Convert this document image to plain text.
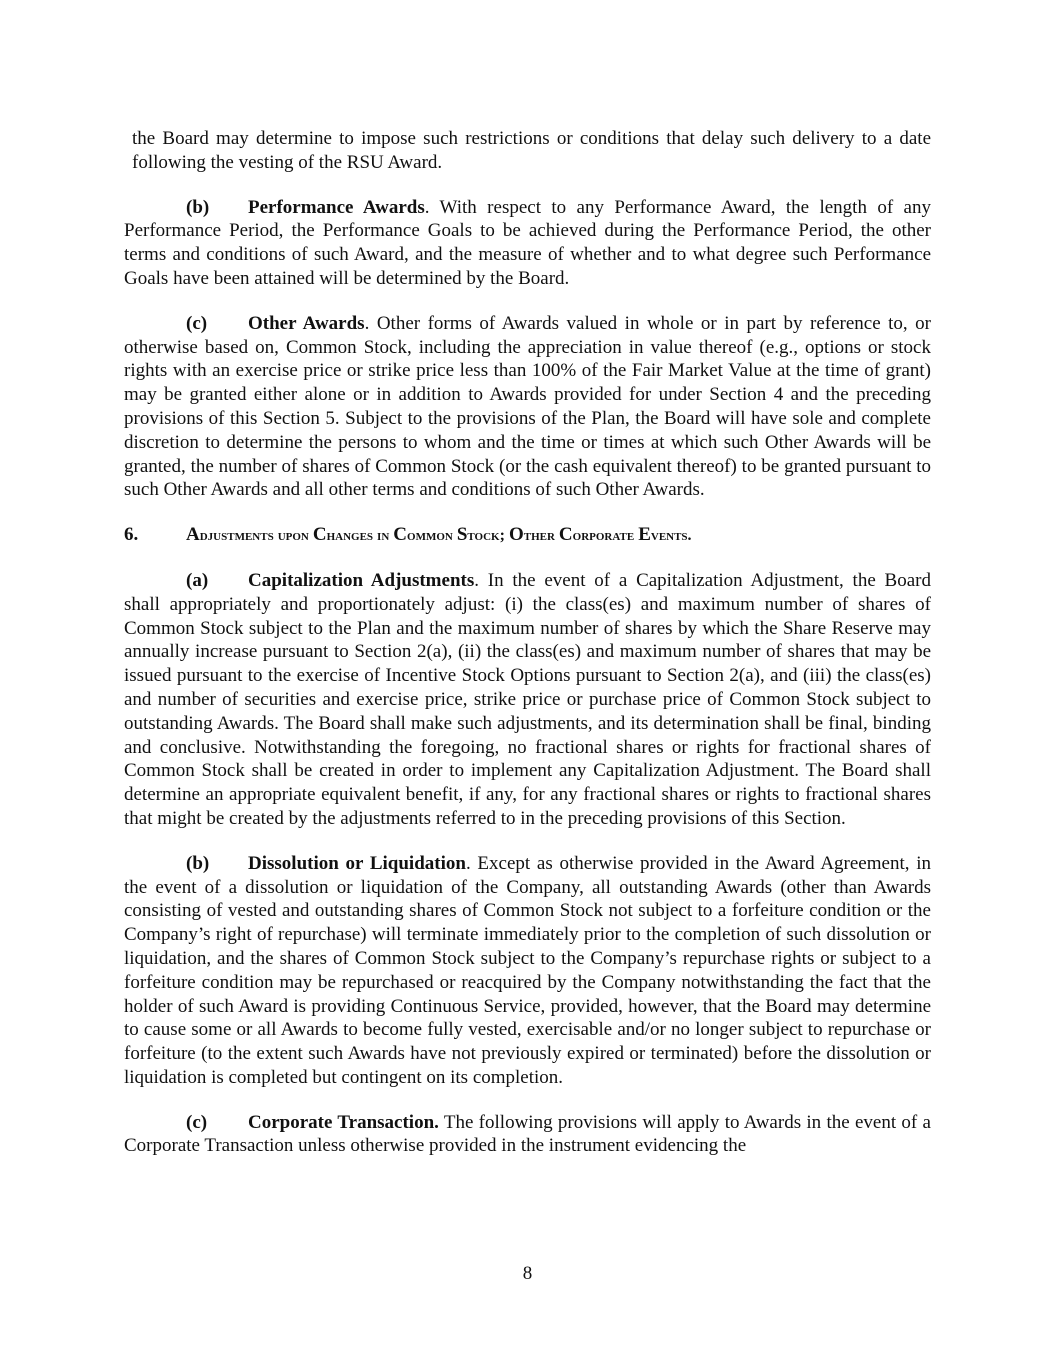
the Board may determine to impose such restrictions or conditions that delay such delivery to a date following the vesting of the RSU Award.

(b) Performance Awards. With respect to any Performance Award, the length of any Performance Period, the Performance Goals to be achieved during the Performance Period, the other terms and conditions of such Award, and the measure of whether and to what degree such Performance Goals have been attained will be determined by the Board.

(c) Other Awards. Other forms of Awards valued in whole or in part by reference to, or otherwise based on, Common Stock, including the appreciation in value thereof (e.g., options or stock rights with an exercise price or strike price less than 100% of the Fair Market Value at the time of grant) may be granted either alone or in addition to Awards provided for under Section 4 and the preceding provisions of this Section 5. Subject to the provisions of the Plan, the Board will have sole and complete discretion to determine the persons to whom and the time or times at which such Other Awards will be granted, the number of shares of Common Stock (or the cash equivalent thereof) to be granted pursuant to such Other Awards and all other terms and conditions of such Other Awards.

6.	Adjustments upon Changes in Common Stock; Other Corporate Events.

(a) Capitalization Adjustments. In the event of a Capitalization Adjustment, the Board shall appropriately and proportionately adjust: (i) the class(es) and maximum number of shares of Common Stock subject to the Plan and the maximum number of shares by which the Share Reserve may annually increase pursuant to Section 2(a), (ii) the class(es) and maximum number of shares that may be issued pursuant to the exercise of Incentive Stock Options pursuant to Section 2(a), and (iii) the class(es) and number of securities and exercise price, strike price or purchase price of Common Stock subject to outstanding Awards. The Board shall make such adjustments, and its determination shall be final, binding and conclusive. Notwithstanding the foregoing, no fractional shares or rights for fractional shares of Common Stock shall be created in order to implement any Capitalization Adjustment. The Board shall determine an appropriate equivalent benefit, if any, for any fractional shares or rights to fractional shares that might be created by the adjustments referred to in the preceding provisions of this Section.

(b) Dissolution or Liquidation. Except as otherwise provided in the Award Agreement, in the event of a dissolution or liquidation of the Company, all outstanding Awards (other than Awards consisting of vested and outstanding shares of Common Stock not subject to a forfeiture condition or the Company’s right of repurchase) will terminate immediately prior to the completion of such dissolution or liquidation, and the shares of Common Stock subject to the Company’s repurchase rights or subject to a forfeiture condition may be repurchased or reacquired by the Company notwithstanding the fact that the holder of such Award is providing Continuous Service, provided, however, that the Board may determine to cause some or all Awards to become fully vested, exercisable and/or no longer subject to repurchase or forfeiture (to the extent such Awards have not previously expired or terminated) before the dissolution or liquidation is completed but contingent on its completion.

(c) Corporate Transaction. The following provisions will apply to Awards in the event of a Corporate Transaction unless otherwise provided in the instrument evidencing the

8
